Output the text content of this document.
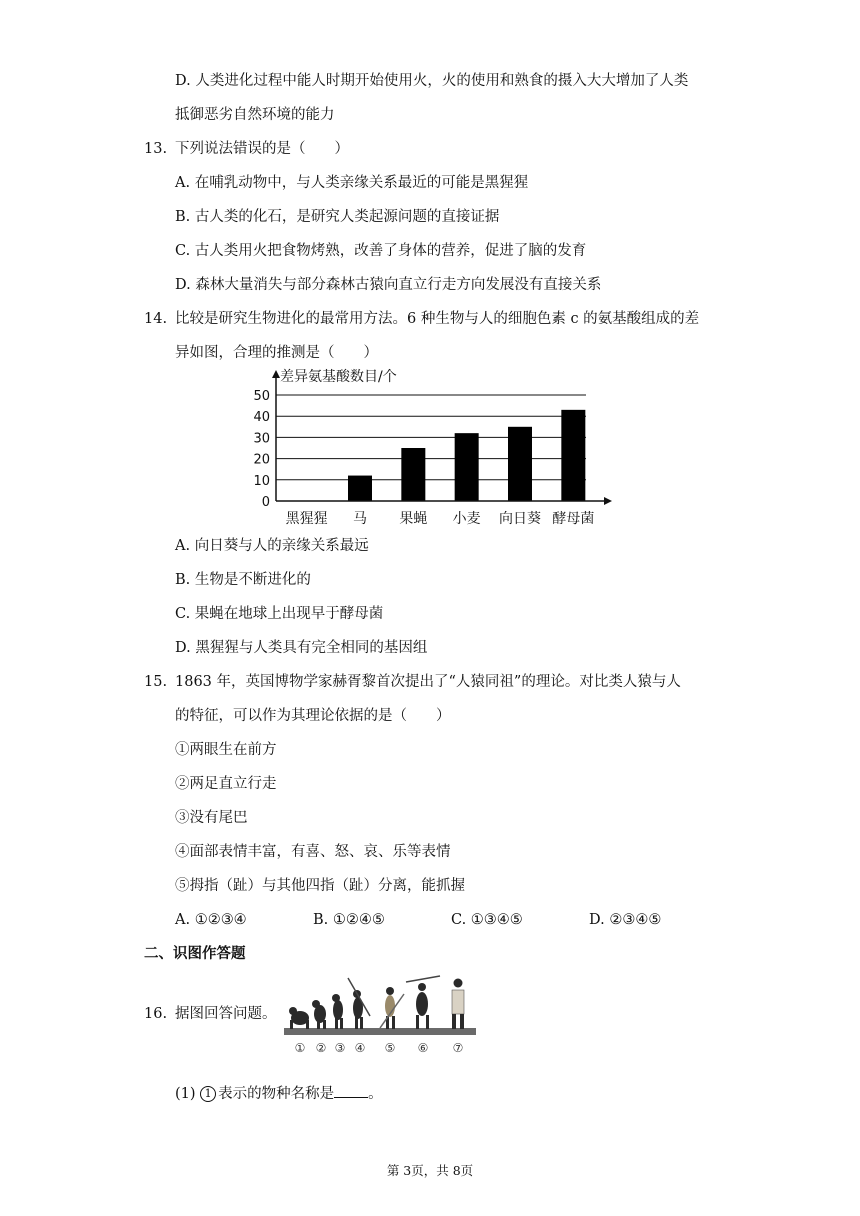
D. 人类进化过程中能人时期开始使用火，火的使用和熟食的摄入大大增加了人类
抵御恶劣自然环境的能力
13. 下列说法错误的是（　　）
A. 在哺乳动物中，与人类亲缘关系最近的可能是黑猩猩
B. 古人类的化石，是研究人类起源问题的直接证据
C. 古人类用火把食物烤熟，改善了身体的营养，促进了脑的发育
D. 森林大量消失与部分森林古猿向直立行走方向发展没有直接关系
14. 比较是研究生物进化的最常用方法。6 种生物与人的细胞色素 c 的氨基酸组成的差
异如图，合理的推测是（　　）
0
10
20
30
40
50
黑猩猩 马 果蝇 小麦 向日葵 酵母菌
差异氨基酸数目/个
A. 向日葵与人的亲缘关系最远
B. 生物是不断进化的
C. 果蝇在地球上出现早于酵母菌
D. 黑猩猩与人类具有完全相同的基因组
15. 1863 年，英国博物学家赫胥黎首次提出了“人猿同祖”的理论。对比类人猿与人
的特征，可以作为其理论依据的是（　　）
①两眼生在前方
②两足直立行走
③没有尾巴
④面部表情丰富，有喜、怒、哀、乐等表情
⑤拇指（趾）与其他四指（趾）分离，能抓握
A. ①②③④	B. ①②④⑤	C. ①③④⑤	D. ②③④⑤
二、识图作答题
16. 据图回答问题。
① ② ③ ④ ⑤ ⑥ ⑦
(1) 1 表示的物种名称是 。
第 3页，共 8页
